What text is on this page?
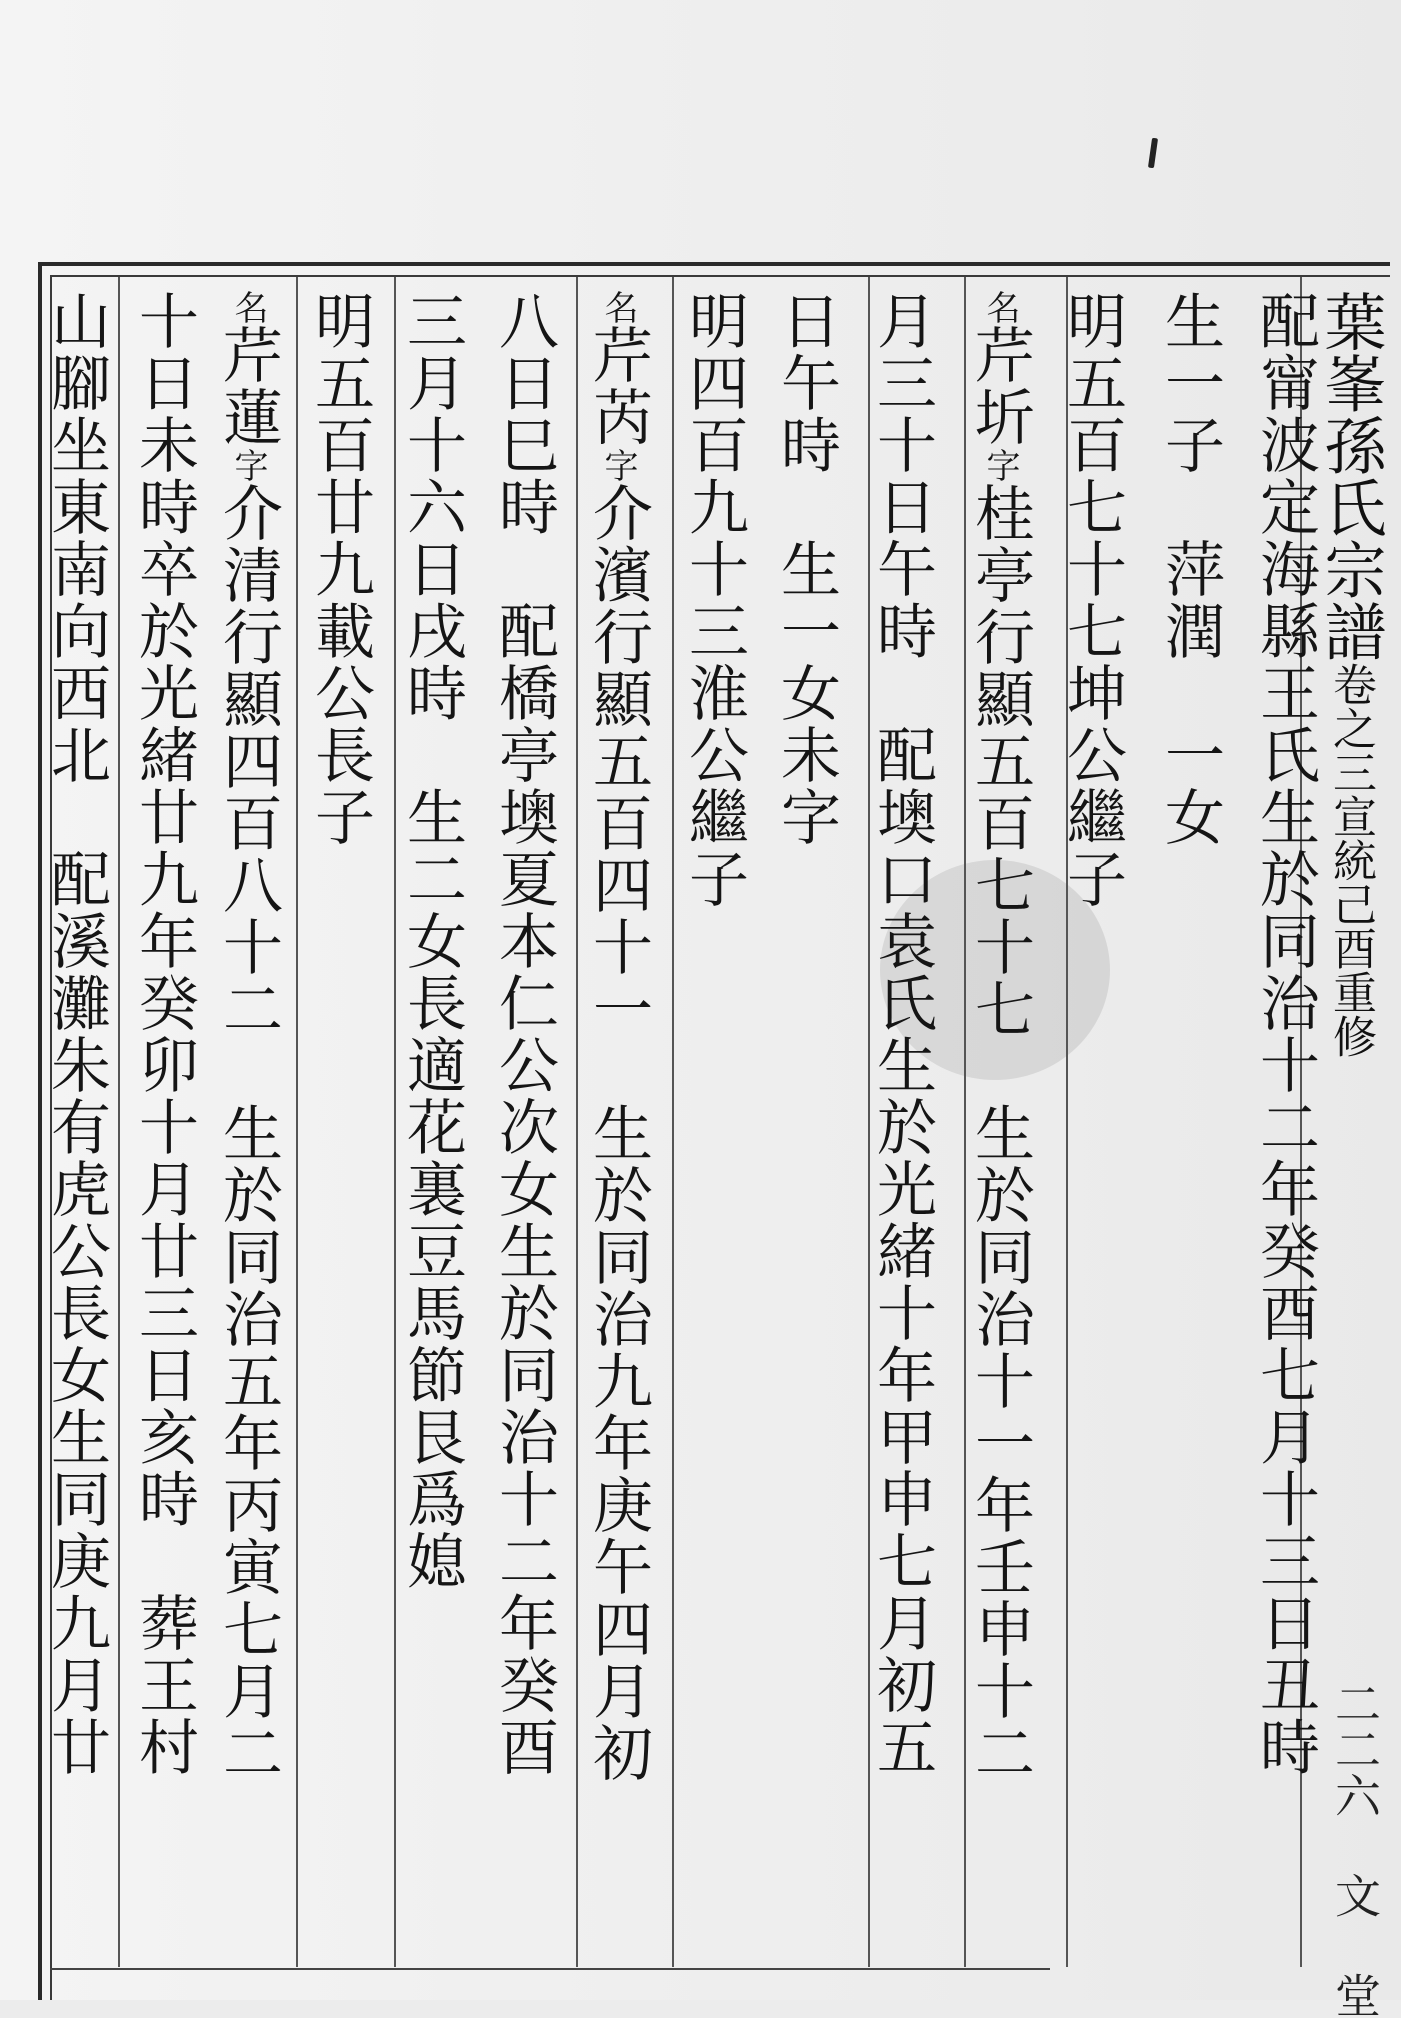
葉峯孫氏宗譜卷之三宣統己酉重修
二二六 文 堂
配甯波定海縣王氏生於同治十二年癸酉七月十三日丑時
生一子　萍潤　一女
明五百七十七坤公繼子
名芹圻字桂亭行顯五百七十七　生於同治十一年壬申十二
月三十日午時　配墺口袁氏生於光緒十年甲申七月初五
日午時　生一女未字
明四百九十三淮公繼子
名芹芮字介濱行顯五百四十一　生於同治九年庚午四月初
八日巳時　配橋亭墺夏本仁公次女生於同治十二年癸酉
三月十六日戌時　生二女長適花裏豆馬節艮爲媳
明五百廿九載公長子
名芹蓮字介清行顯四百八十二　生於同治五年丙寅七月二
十日未時卒於光緒廿九年癸卯十月廿三日亥時　葬王村
山腳坐東南向西北　配溪灘朱有虎公長女生同庚九月廿
